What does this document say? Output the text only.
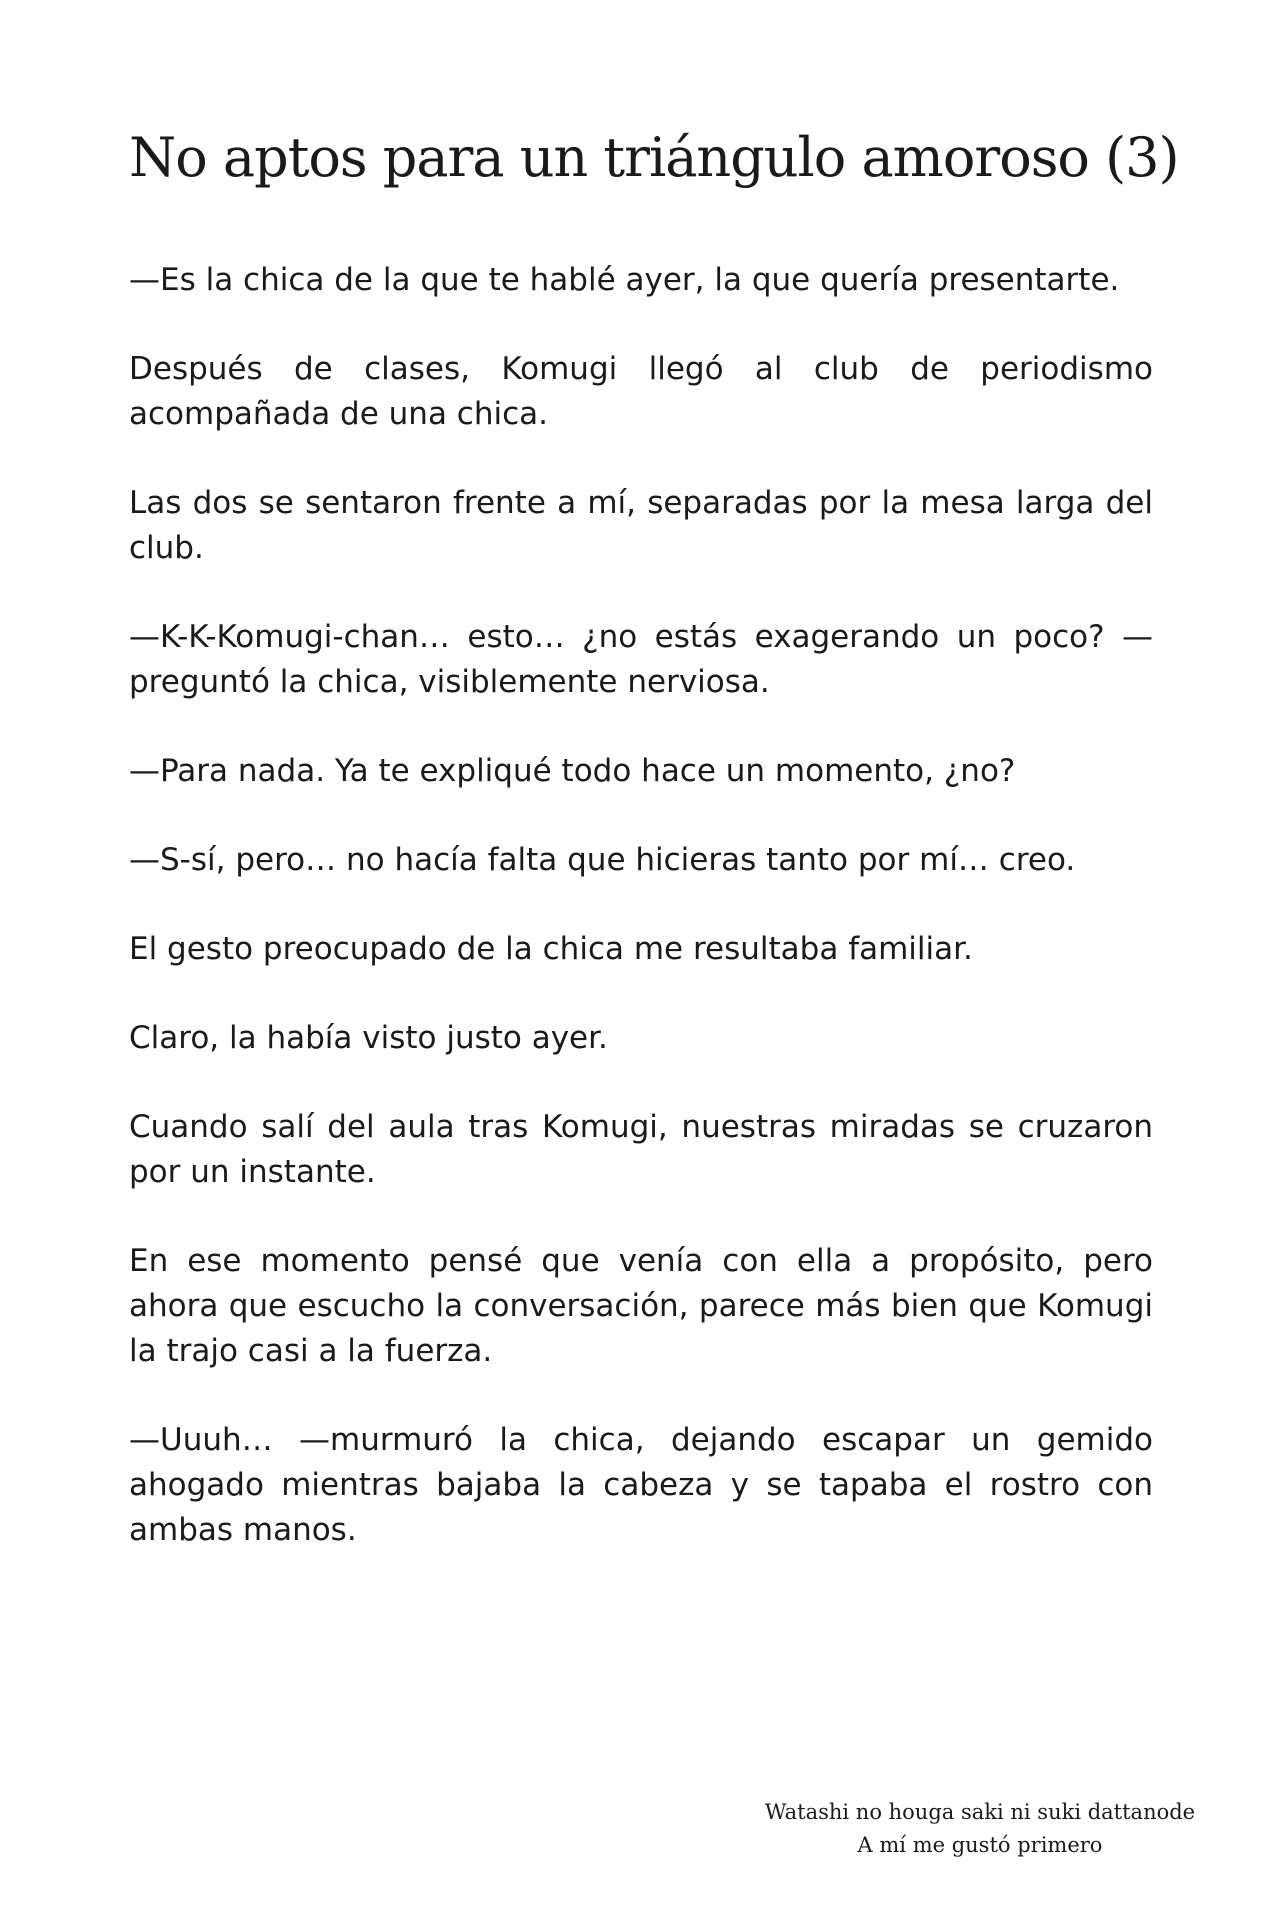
No aptos para un triángulo amoroso (3)

—Es la chica de la que te hablé ayer, la que quería presentarte.

Después de clases, Komugi llegó al club de periodismo acompañada de una chica.

Las dos se sentaron frente a mí, separadas por la mesa larga del club.

—K-K-Komugi-chan… esto… ¿no estás exagerando un poco? —preguntó la chica, visiblemente nerviosa.

—Para nada. Ya te expliqué todo hace un momento, ¿no?

—S-sí, pero… no hacía falta que hicieras tanto por mí… creo.

El gesto preocupado de la chica me resultaba familiar.

Claro, la había visto justo ayer.

Cuando salí del aula tras Komugi, nuestras miradas se cruzaron por un instante.

En ese momento pensé que venía con ella a propósito, pero ahora que escucho la conversación, parece más bien que Komugi la trajo casi a la fuerza.

—Uuuh… —murmuró la chica, dejando escapar un gemido ahogado mientras bajaba la cabeza y se tapaba el rostro con ambas manos.

Watashi no houga saki ni suki dattanode
A mí me gustó primero
